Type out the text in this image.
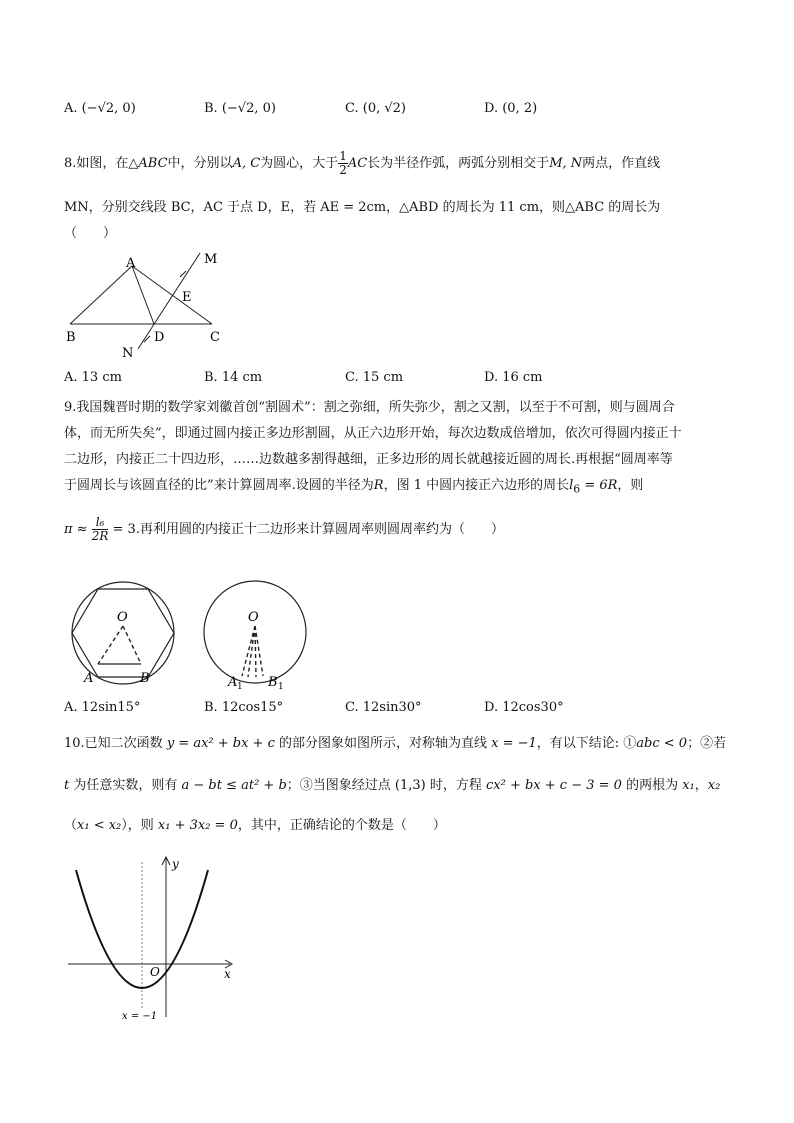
A. (−√2, 0)	B. (−√2, 0)	C. (0, √2)	D. (0, 2)
8.如图，在△ABC中，分别以A, C为圆心，大于 $\frac{1}{2}$ AC长为半径作弧，两弧分别相交于M, N两点，作直线
MN，分别交线段 BC，AC 于点 D，E，若 AE = 2cm，△ABD 的周长为 11 cm，则△ABC 的周长为
（　　）
A
B	C
D
E
M
N
A. 13 cm	B. 14 cm	C. 15 cm	D. 16 cm
9.我国魏晋时期的数学家刘徽首创“割圆术”：割之弥细，所失弥少，割之又割，以至于不可割，则与圆周合
体，而无所失矣”，即通过圆内接正多边形割圆，从正六边形开始，每次边数成倍增加，依次可得圆内接正十
二边形，内接正二十四边形，……边数越多割得越细，正多边形的周长就越接近圆的周长.再根据“圆周率等
于圆周长与该圆直径的比”来计算圆周率.设圆的半径为R，图 1 中圆内接正六边形的周长$l_6 = 6R$，则
$\pi \approx \frac{\text{l₆}}{2R} = 3$.再利用圆的内接正十二边形来计算圆周率则圆周率约为（　　）
O
A	B
O
A 1 B 1
A. 12sin15°	B. 12cos15°	C. 12sin30°	D. 12cos30°
10.已知二次函数 y = ax² + bx + c 的部分图象如图所示，对称轴为直线 x = −1，有以下结论: ①abc < 0；②若
t 为任意实数，则有 a − bt ≤ at² + b；③当图象经过点 (1,3) 时，方程 cx² + bx + c − 3 = 0 的两根为 x₁，x₂
（x₁ < x₂），则 x₁ + 3x₂ = 0，其中，正确结论的个数是（　　）
y
x
O
x = −1
